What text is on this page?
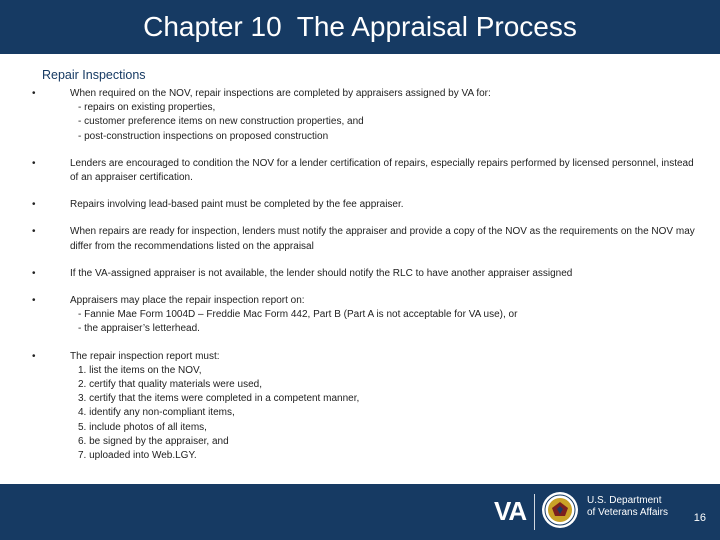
Chapter 10  The Appraisal Process
Repair Inspections
•	When required on the NOV, repair inspections are completed by appraisers assigned by VA for:
- repairs on existing properties,
- customer preference items on new construction properties, and
- post-construction inspections on proposed construction
•	Lenders are encouraged to condition the NOV for a lender certification of repairs, especially repairs performed by licensed personnel, instead of an appraiser certification.
•	Repairs involving lead-based paint must be completed by the fee appraiser.
•	When repairs are ready for inspection, lenders must notify the appraiser and provide a copy of the NOV as the requirements on the NOV may differ from the recommendations listed on the appraisal
•	If the VA-assigned appraiser is not available, the lender should notify the RLC to have another appraiser assigned
•	Appraisers may place the repair inspection report on:
- Fannie Mae Form 1004D – Freddie Mac Form 442, Part B (Part A is not acceptable for VA use), or
- the appraiser’s letterhead.
•	The repair inspection report must:
1. list the items on the NOV,
2. certify that quality materials were used,
3. certify that the items were completed in a competent manner,
4. identify any non-compliant items,
5. include photos of all items,
6. be signed by the appraiser, and
7. uploaded into Web.LGY.
VA	U.S. Department
of Veterans Affairs 16
